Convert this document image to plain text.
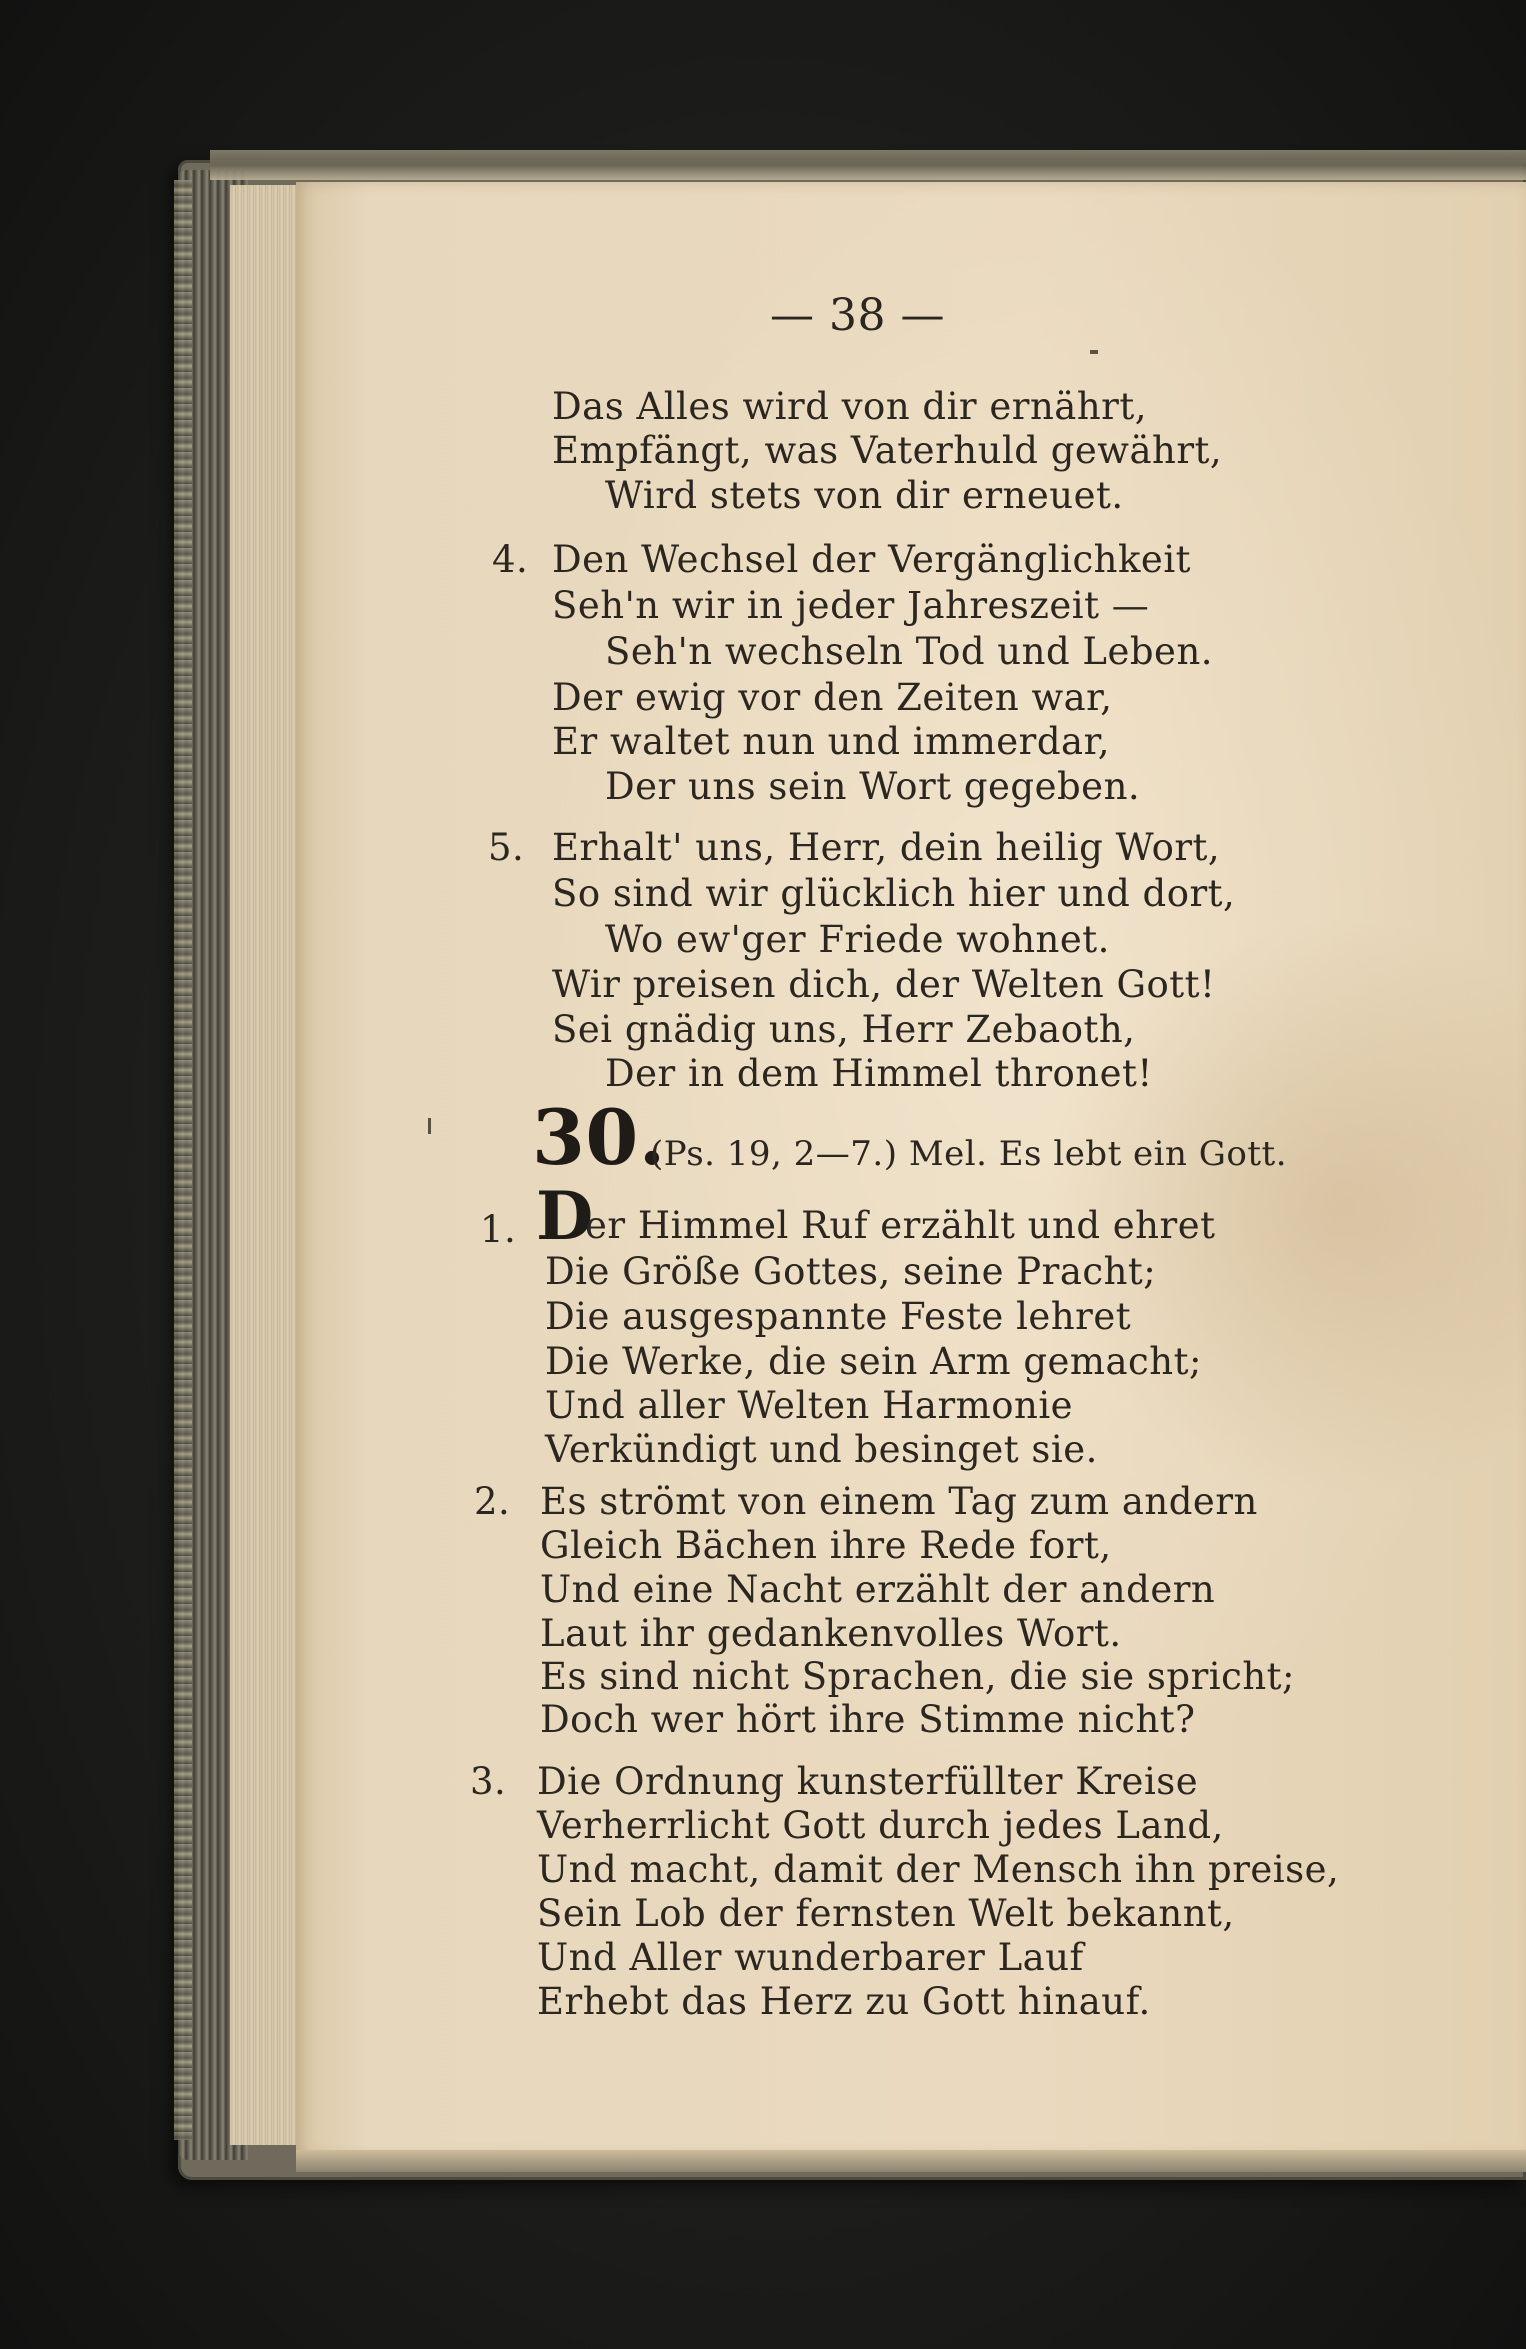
— 38 —
Das Alles wird von dir ernährt,
Empfängt, was Vaterhuld gewährt,
Wird stets von dir erneuet.
4. Den Wechsel der Vergänglichkeit
Seh'n wir in jeder Jahreszeit —
Seh'n wechseln Tod und Leben.
Der ewig vor den Zeiten war,
Er waltet nun und immerdar,
Der uns sein Wort gegeben.
5. Erhalt' uns, Herr, dein heilig Wort,
So sind wir glücklich hier und dort,
Wo ew'ger Friede wohnet.
Wir preisen dich, der Welten Gott!
Sei gnädig uns, Herr Zebaoth,
Der in dem Himmel thronet!
30.
(Ps. 19, 2—7.) Mel. Es lebt ein Gott.
1. D
er Himmel Ruf erzählt und ehret
Die Größe Gottes, seine Pracht;
Die ausgespannte Feste lehret
Die Werke, die sein Arm gemacht;
Und aller Welten Harmonie
Verkündigt und besinget sie.
2. Es strömt von einem Tag zum andern
Gleich Bächen ihre Rede fort,
Und eine Nacht erzählt der andern
Laut ihr gedankenvolles Wort.
Es sind nicht Sprachen, die sie spricht;
Doch wer hört ihre Stimme nicht?
3. Die Ordnung kunsterfüllter Kreise
Verherrlicht Gott durch jedes Land,
Und macht, damit der Mensch ihn preise,
Sein Lob der fernsten Welt bekannt,
Und Aller wunderbarer Lauf
Erhebt das Herz zu Gott hinauf.
